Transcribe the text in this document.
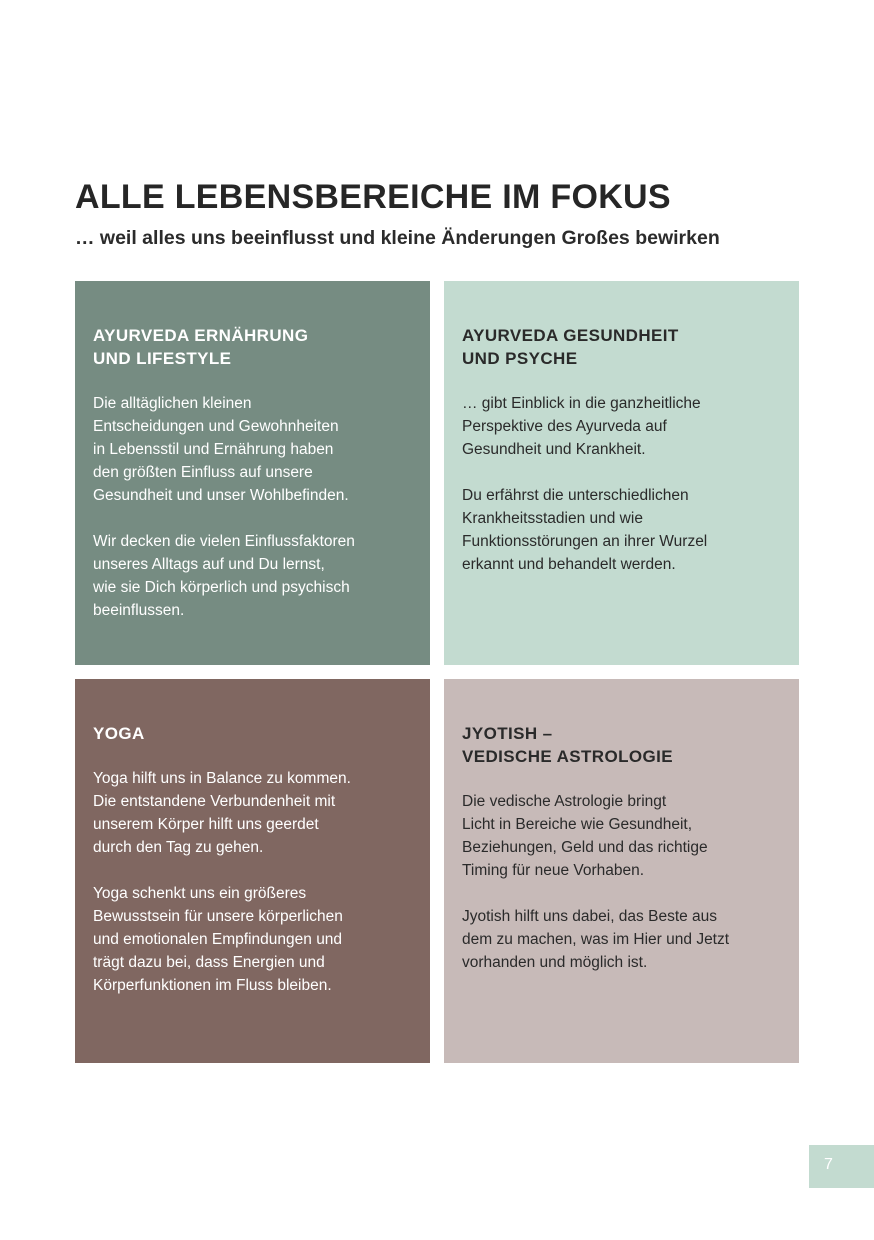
ALLE LEBENSBEREICHE IM FOKUS
… weil alles uns beeinflusst und kleine Änderungen Großes bewirken
AYURVEDA ERNÄHRUNG
UND LIFESTYLE

Die alltäglichen kleinen
Entscheidungen und Gewohnheiten
in Lebensstil und Ernährung haben
den größten Einfluss auf unsere
Gesundheit und unser Wohlbefinden.

Wir decken die vielen Einflussfaktoren
unseres Alltags auf und Du lernst,
wie sie Dich körperlich und psychisch
beeinflussen.

AYURVEDA GESUNDHEIT
UND PSYCHE

… gibt Einblick in die ganzheitliche
Perspektive des Ayurveda auf
Gesundheit und Krankheit.

Du erfährst die unterschiedlichen
Krankheitsstadien und wie
Funktionsstörungen an ihrer Wurzel
erkannt und behandelt werden.

YOGA

Yoga hilft uns in Balance zu kommen.
Die entstandene Verbundenheit mit
unserem Körper hilft uns geerdet
durch den Tag zu gehen.

Yoga schenkt uns ein größeres
Bewusstsein für unsere körperlichen
und emotionalen Empfindungen und
trägt dazu bei, dass Energien und
Körperfunktionen im Fluss bleiben.

JYOTISH –
VEDISCHE ASTROLOGIE

Die vedische Astrologie bringt
Licht in Bereiche wie Gesundheit,
Beziehungen, Geld und das richtige
Timing für neue Vorhaben.

Jyotish hilft uns dabei, das Beste aus
dem zu machen, was im Hier und Jetzt
vorhanden und möglich ist.

7
